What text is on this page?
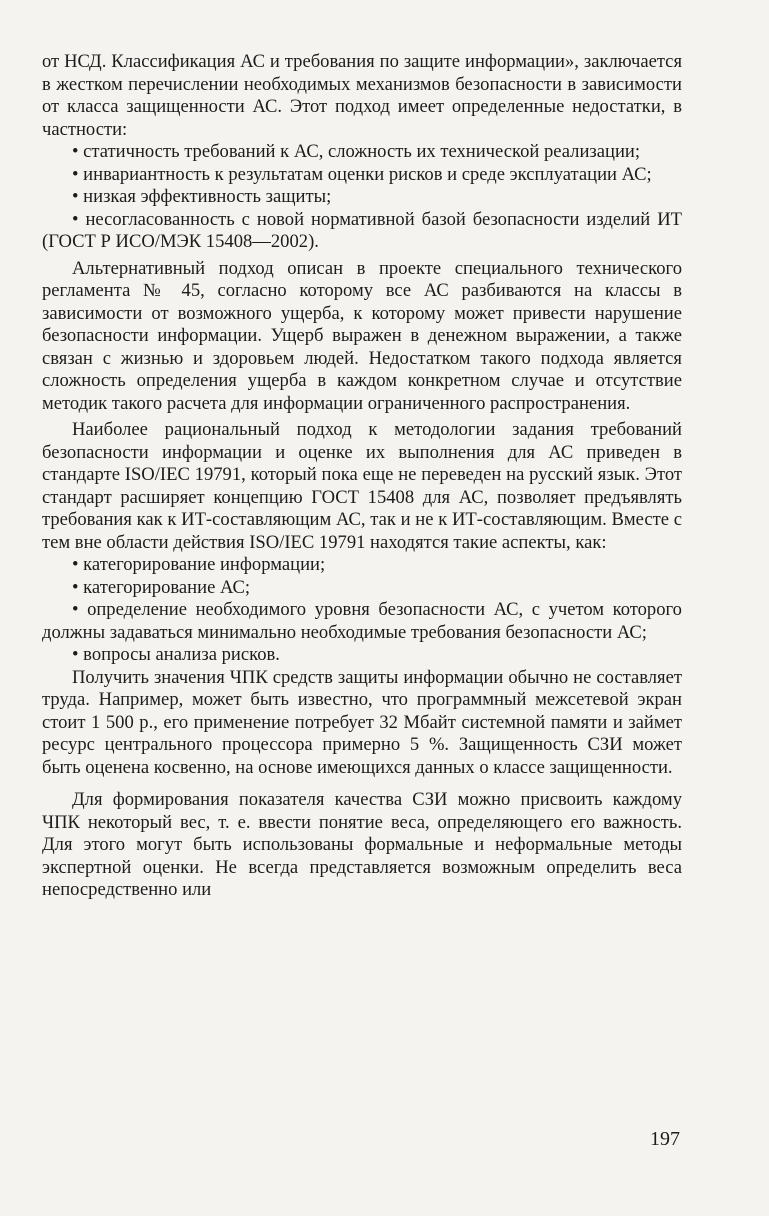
от НСД. Классификация АС и требования по защите информации», заключается в жестком перечислении необходимых механизмов безопасности в зависимости от класса защищенности АС. Этот подход имеет определенные недостатки, в частности:

• статичность требований к АС, сложность их технической реализации;

• инвариантность к результатам оценки рисков и среде эксплуатации АС;

• низкая эффективность защиты;

• несогласованность с новой нормативной базой безопасности изделий ИТ (ГОСТ Р ИСО/МЭК 15408—2002).

Альтернативный подход описан в проекте специального технического регламента № 45, согласно которому все АС разбиваются на классы в зависимости от возможного ущерба, к которому может привести нарушение безопасности информации. Ущерб выражен в денежном выражении, а также связан с жизнью и здоровьем людей. Недостатком такого подхода является сложность определения ущерба в каждом конкретном случае и отсутствие методик такого расчета для информации ограниченного распространения.

Наиболее рациональный подход к методологии задания требований безопасности информации и оценке их выполнения для АС приведен в стандарте ISO/IEC 19791, который пока еще не переведен на русский язык. Этот стандарт расширяет концепцию ГОСТ 15408 для АС, позволяет предъявлять требования как к ИТ-составляющим АС, так и не к ИТ-составляющим. Вместе с тем вне области действия ISO/IEC 19791 находятся такие аспекты, как:

• категорирование информации;

• категорирование АС;

• определение необходимого уровня безопасности АС, с учетом которого должны задаваться минимально необходимые требования безопасности АС;

• вопросы анализа рисков.

Получить значения ЧПК средств защиты информации обычно не составляет труда. Например, может быть известно, что программный межсетевой экран стоит 1 500 р., его применение потребует 32 Мбайт системной памяти и займет ресурс центрального процессора примерно 5 %. Защищенность СЗИ может быть оценена косвенно, на основе имеющихся данных о классе защищенности.

Для формирования показателя качества СЗИ можно присвоить каждому ЧПК некоторый вес, т. е. ввести понятие веса, определяющего его важность. Для этого могут быть использованы формальные и неформальные методы экспертной оценки. Не всегда представляется возможным определить веса непосредственно или

197
